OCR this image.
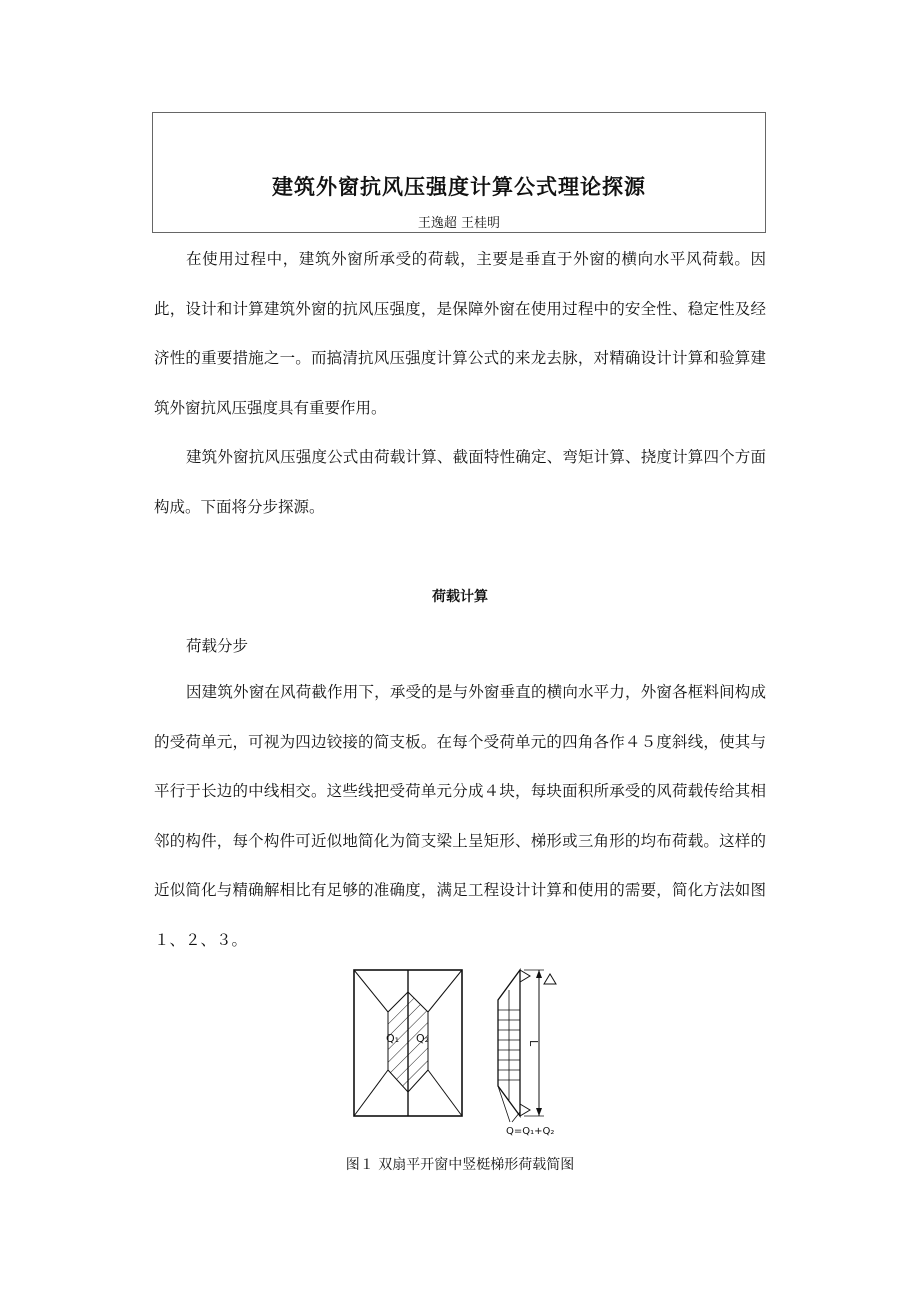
建筑外窗抗风压强度计算公式理论探源
王逸超 王桂明

在使用过程中，建筑外窗所承受的荷载，主要是垂直于外窗的横向水平风荷载。因此，设计和计算建筑外窗的抗风压强度，是保障外窗在使用过程中的安全性、稳定性及经济性的重要措施之一。而搞清抗风压强度计算公式的来龙去脉，对精确设计计算和验算建筑外窗抗风压强度具有重要作用。

建筑外窗抗风压强度公式由荷载计算、截面特性确定、弯矩计算、挠度计算四个方面构成。下面将分步探源。

荷载计算
荷载分步

因建筑外窗在风荷截作用下，承受的是与外窗垂直的横向水平力，外窗各框料间构成的受荷单元，可视为四边铰接的简支板。在每个受荷单元的四角各作４５度斜线，使其与平行于长边的中线相交。这些线把受荷单元分成４块，每块面积所承受的风荷载传给其相邻的构件，每个构件可近似地简化为简支梁上呈矩形、梯形或三角形的均布荷载。这样的近似简化与精确解相比有足够的准确度，满足工程设计计算和使用的需要，简化方法如图１、２、３。

Q₁ Q₂	L
Q=Q₁+Q₂
图１ 双扇平开窗中竖梃梯形荷载简图
